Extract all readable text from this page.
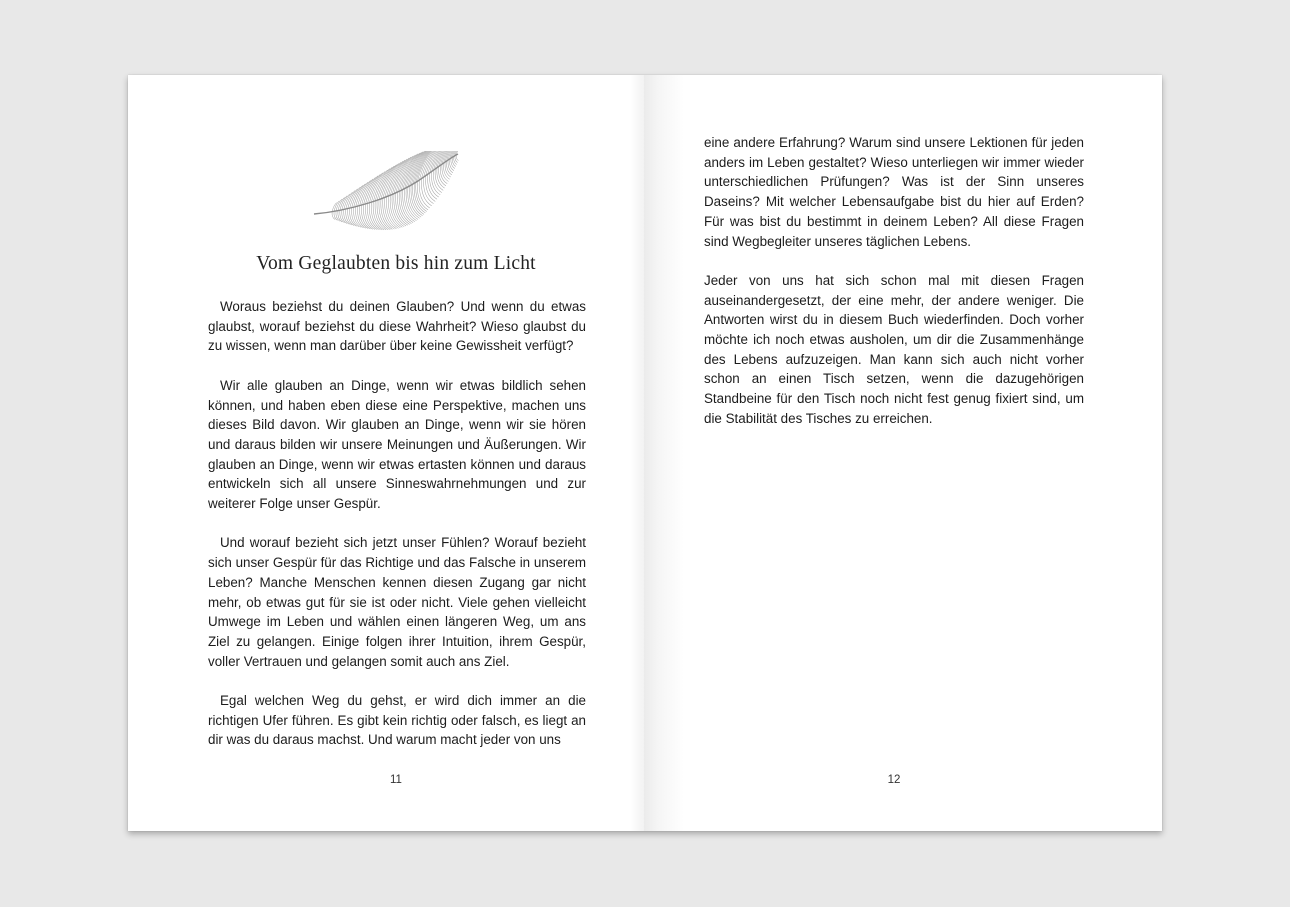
Vom Geglaubten bis hin zum Licht

Woraus beziehst du deinen Glauben? Und wenn du etwas glaubst, worauf beziehst du diese Wahrheit? Wieso glaubst du zu wissen, wenn man darüber über keine Gewissheit verfügt?

Wir alle glauben an Dinge, wenn wir etwas bildlich sehen können, und haben eben diese eine Perspektive, machen uns dieses Bild davon. Wir glauben an Dinge, wenn wir sie hören und daraus bilden wir unsere Meinungen und Äußerungen. Wir glauben an Dinge, wenn wir etwas ertasten können und daraus entwickeln sich all unsere Sinneswahrnehmungen und zur weiterer Folge unser Gespür.

Und worauf bezieht sich jetzt unser Fühlen? Worauf bezieht sich unser Gespür für das Richtige und das Falsche in unserem Leben? Manche Menschen kennen diesen Zugang gar nicht mehr, ob etwas gut für sie ist oder nicht. Viele gehen vielleicht Umwege im Leben und wählen einen längeren Weg, um ans Ziel zu gelangen. Einige folgen ihrer Intuition, ihrem Gespür, voller Vertrauen und gelangen somit auch ans Ziel.

Egal welchen Weg du gehst, er wird dich immer an die richtigen Ufer führen. Es gibt kein richtig oder falsch, es liegt an dir was du daraus machst. Und warum macht jeder von uns

11

eine andere Erfahrung? Warum sind unsere Lektionen für jeden anders im Leben gestaltet? Wieso unterliegen wir immer wieder unterschiedlichen Prüfungen? Was ist der Sinn unseres Daseins? Mit welcher Lebensaufgabe bist du hier auf Erden? Für was bist du bestimmt in deinem Leben? All diese Fragen sind Wegbegleiter unseres täglichen Lebens.

Jeder von uns hat sich schon mal mit diesen Fragen auseinandergesetzt, der eine mehr, der andere weniger. Die Antworten wirst du in diesem Buch wiederfinden. Doch vorher möchte ich noch etwas ausholen, um dir die Zusammenhänge des Lebens aufzuzeigen. Man kann sich auch nicht vorher schon an einen Tisch setzen, wenn die dazugehörigen Standbeine für den Tisch noch nicht fest genug fixiert sind, um die Stabilität des Tisches zu erreichen.

12
